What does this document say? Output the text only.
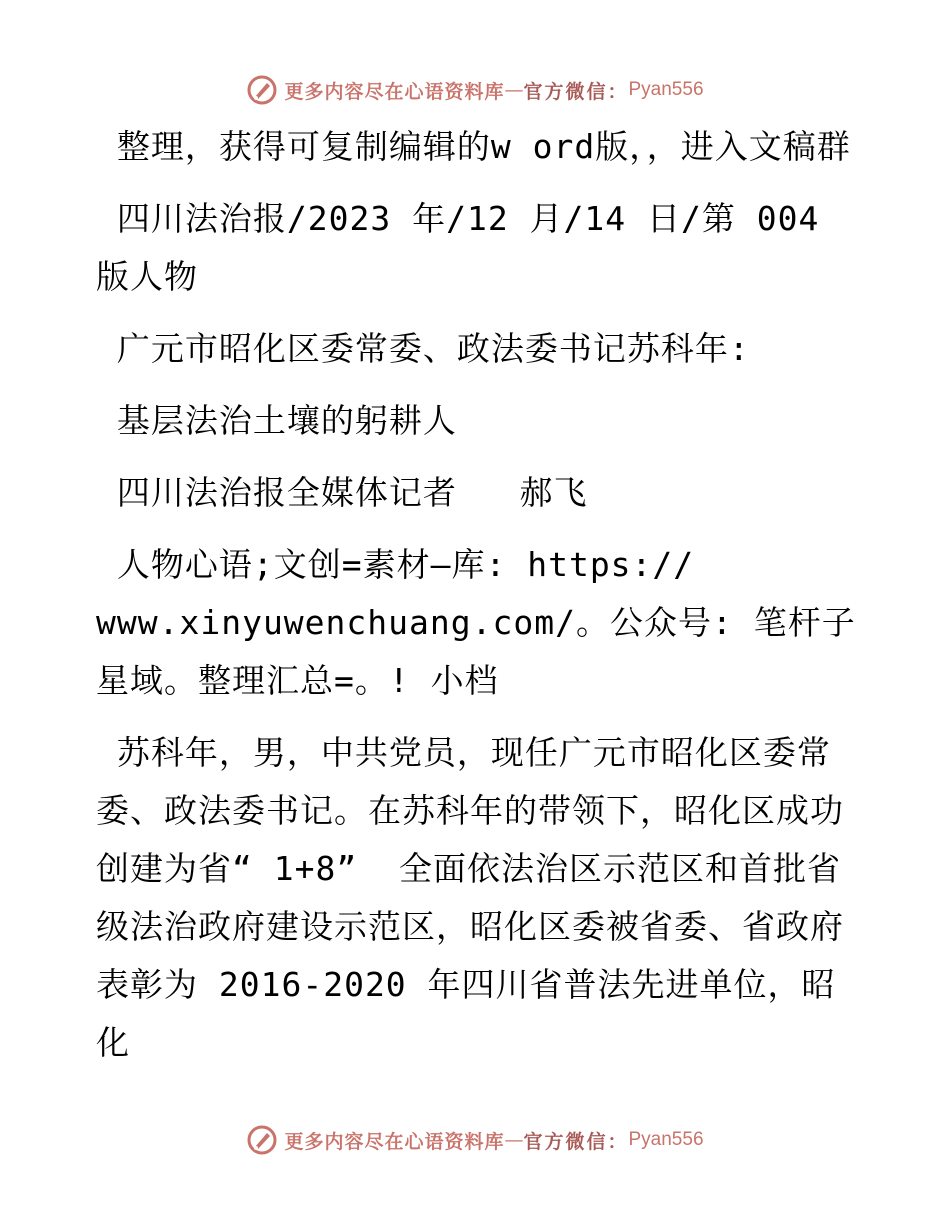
更多内容尽在心语资料库 — 官方微信： Pyan556

整理，获得可复制编辑的w ord版，，进入文稿群

四川法治报/2023 年/12 月/14 日/第 004 版人物

广元市昭化区委常委、政法委书记苏科年:

基层法治土壤的躬耕人

四川法治报全媒体记者   郝飞

人物心语;文创=素材—库: https:// www.xinyuwenchuang.com/。公众号: 笔杆子星域。整理汇总=。! 小档

苏科年，男，中共党员，现任广元市昭化区委常委、政法委书记。在苏科年的带领下，昭化区成功创建为省“ 1+8”  全面依法治区示范区和首批省级法治政府建设示范区，昭化区委被省委、省政府表彰为 2016-2020 年四川省普法先进单位，昭化

更多内容尽在心语资料库 — 官方微信： Pyan556
